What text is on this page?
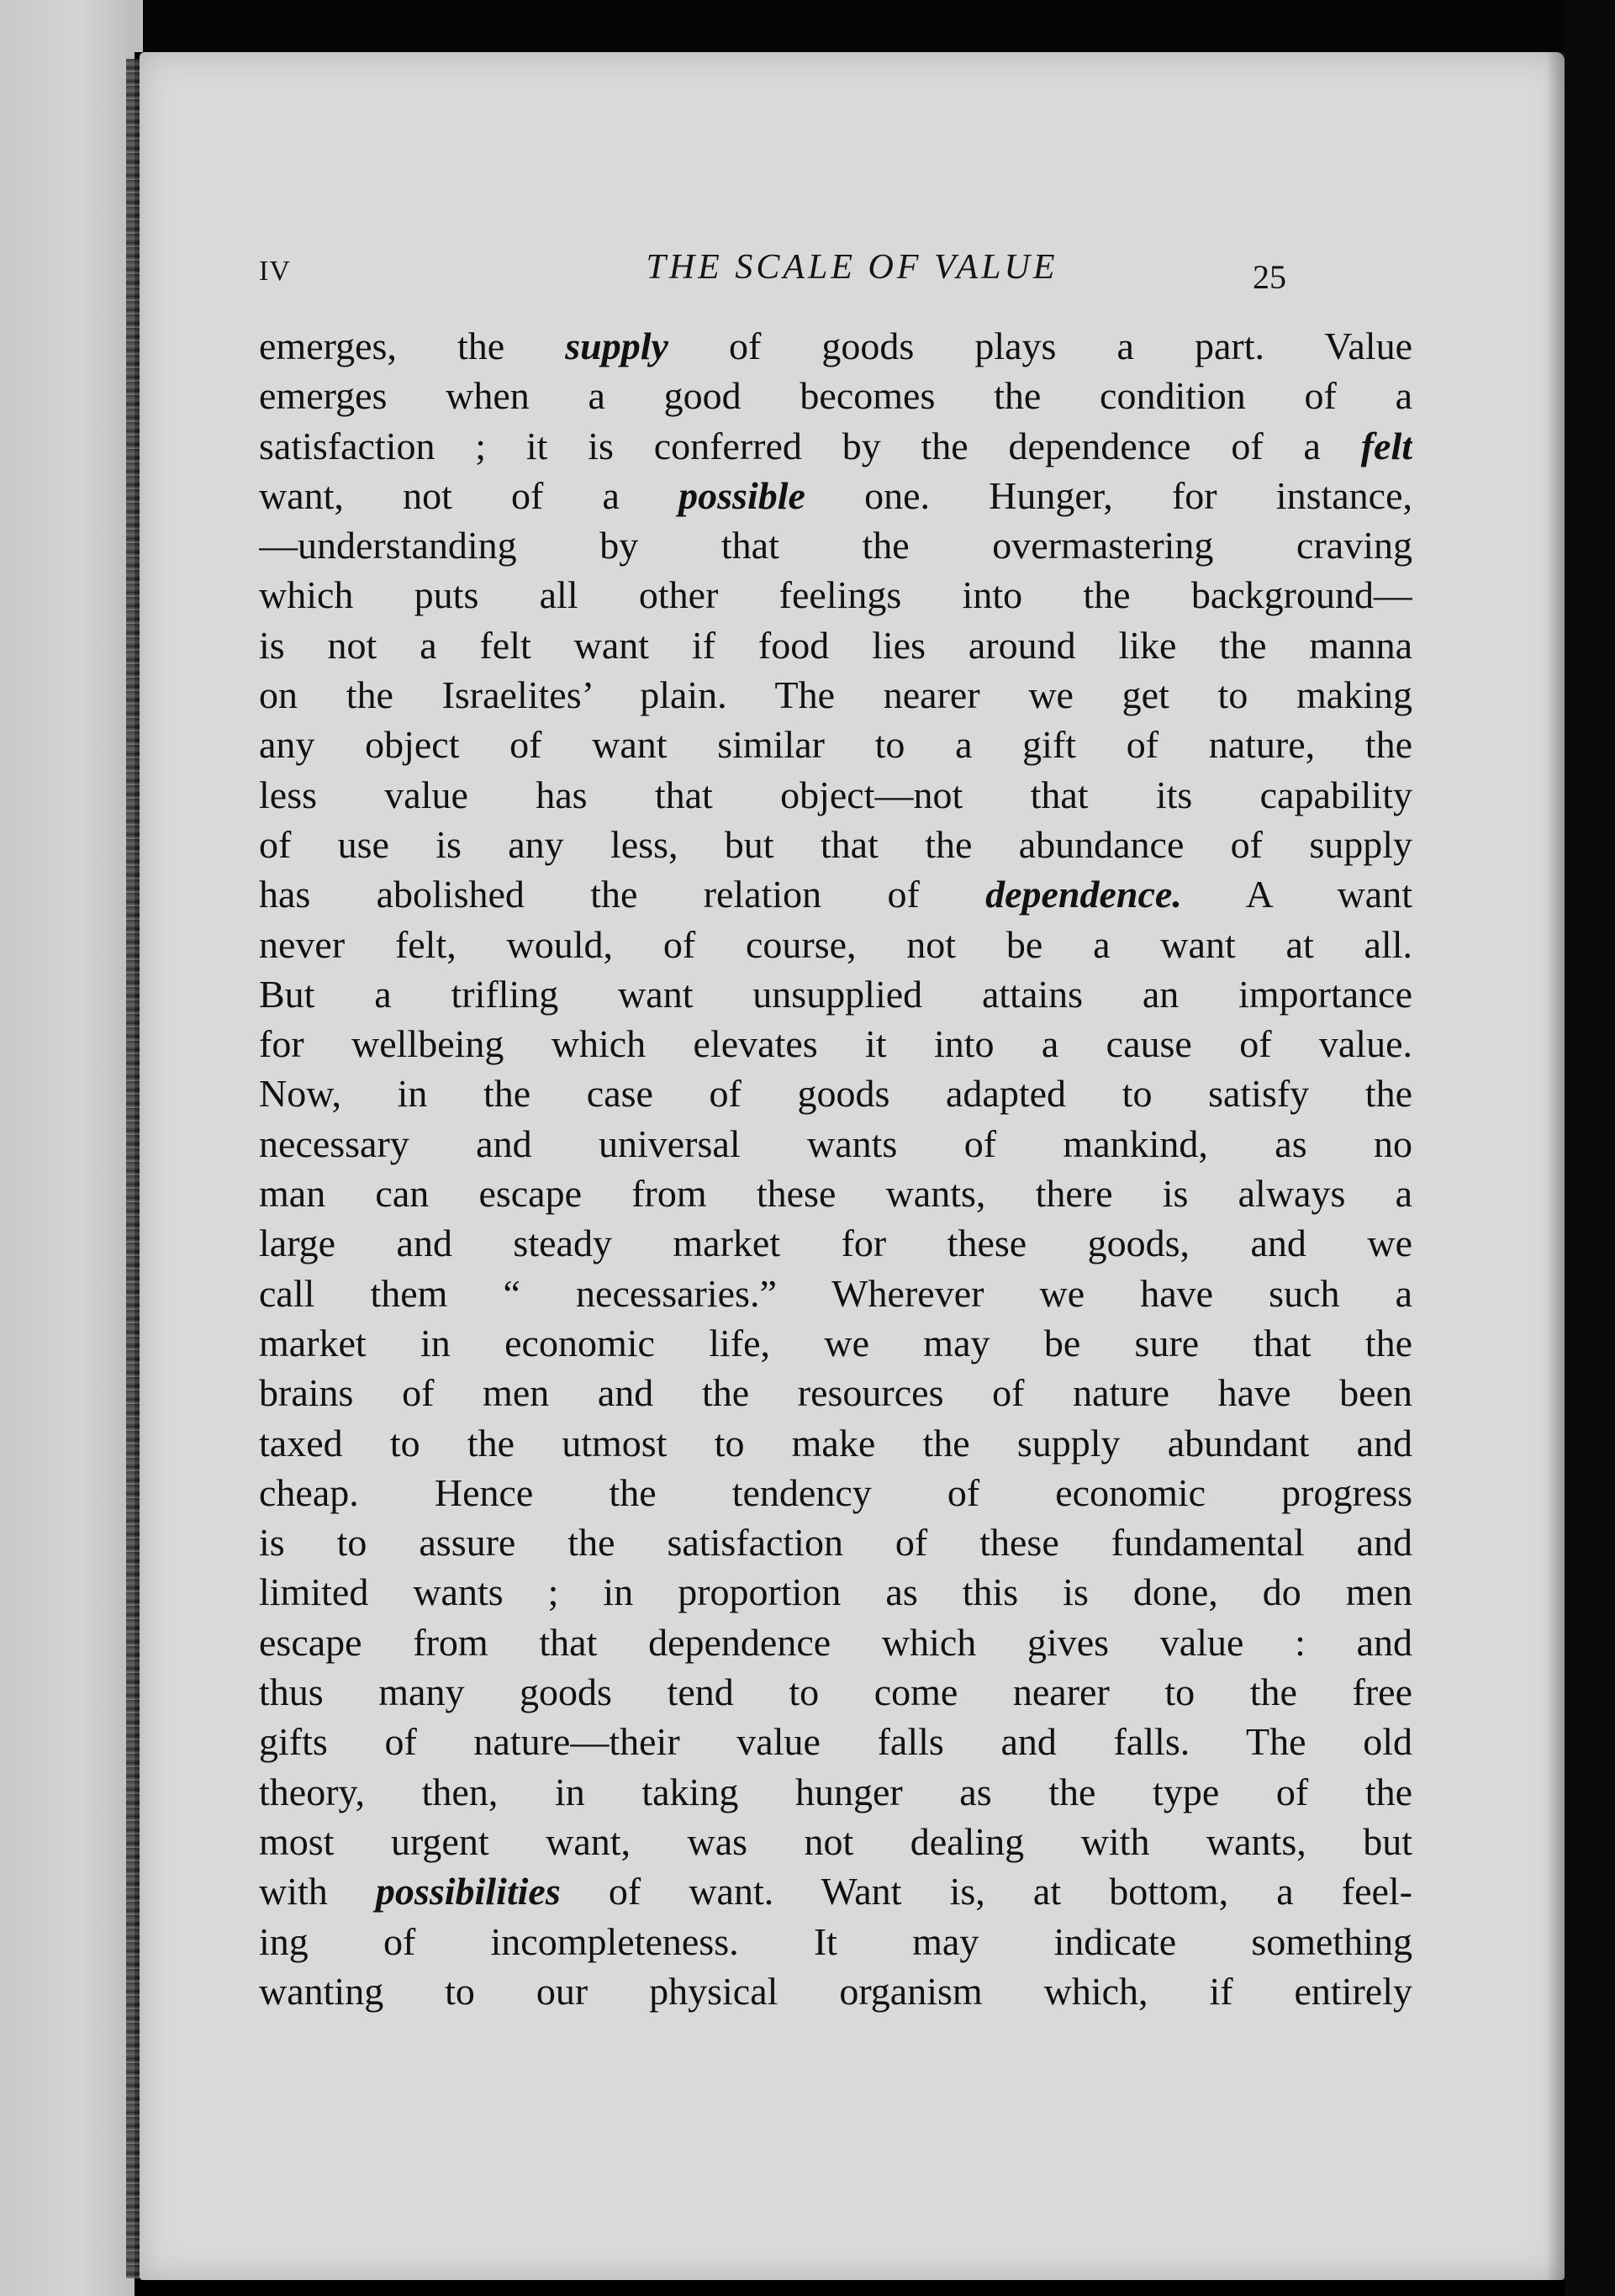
IV	THE SCALE OF VALUE	25
emerges, the supply of goods plays a part. Value
emerges when a good becomes the condition of a
satisfaction ; it is conferred by the dependence of a felt
want, not of a possible one. Hunger, for instance,
—understanding by that the overmastering craving
which puts all other feelings into the background—
is not a felt want if food lies around like the manna
on the Israelites’ plain. The nearer we get to making
any object of want similar to a gift of nature, the
less value has that object—not that its capability
of use is any less, but that the abundance of supply
has abolished the relation of dependence. A want
never felt, would, of course, not be a want at all.
But a trifling want unsupplied attains an importance
for wellbeing which elevates it into a cause of value.
Now, in the case of goods adapted to satisfy the
necessary and universal wants of mankind, as no
man can escape from these wants, there is always a
large and steady market for these goods, and we
call them “ necessaries.” Wherever we have such a
market in economic life, we may be sure that the
brains of men and the resources of nature have been
taxed to the utmost to make the supply abundant and
cheap. Hence the tendency of economic progress
is to assure the satisfaction of these fundamental and
limited wants ; in proportion as this is done, do men
escape from that dependence which gives value : and
thus many goods tend to come nearer to the free
gifts of nature—their value falls and falls. The old
theory, then, in taking hunger as the type of the
most urgent want, was not dealing with wants, but
with possibilities of want. Want is, at bottom, a feel-
ing of incompleteness. It may indicate something
wanting to our physical organism which, if entirely
